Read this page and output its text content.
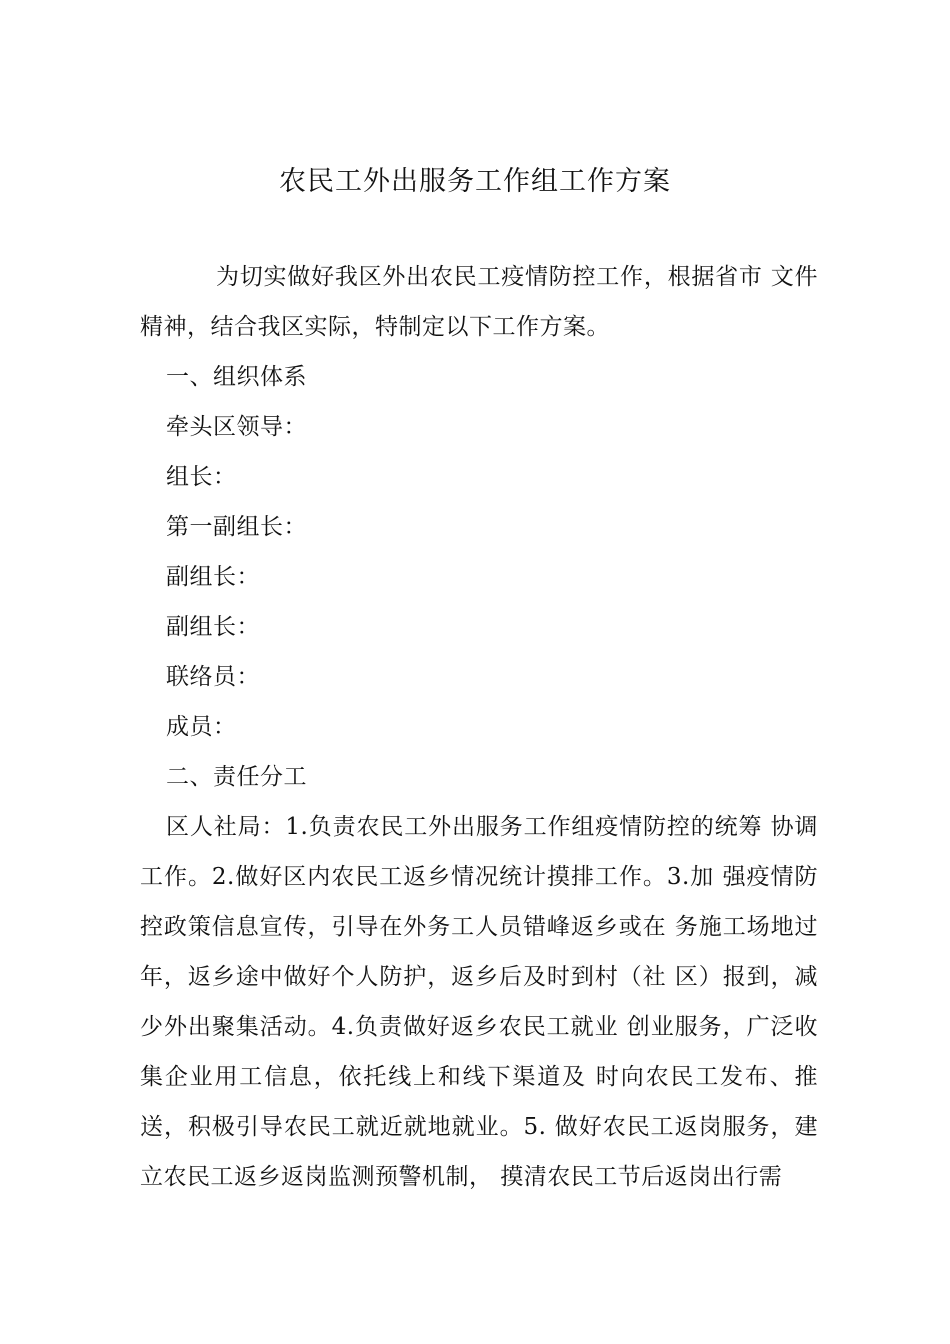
农民工外出服务工作组工作方案
为切实做好我区外出农民工疫情防控工作，根据省市 文件精神，结合我区实际，特制定以下工作方案。
一、组织体系
牵头区领导：
组长：
第一副组长：
副组长：
副组长：
联络员：
成员：
二、责任分工
区人社局：1.负责农民工外出服务工作组疫情防控的统筹 协调工作。2.做好区内农民工返乡情况统计摸排工作。3.加 强疫情防控政策信息宣传，引导在外务工人员错峰返乡或在 务施工场地过年，返乡途中做好个人防护，返乡后及时到村（社 区）报到，减少外出聚集活动。4.负责做好返乡农民工就业 创业服务，广泛收集企业用工信息，依托线上和线下渠道及 时向农民工发布、推送，积极引导农民工就近就地就业。5. 做好农民工返岗服务，建立农民工返乡返岗监测预警机制， 摸清农民工节后返岗出行需
